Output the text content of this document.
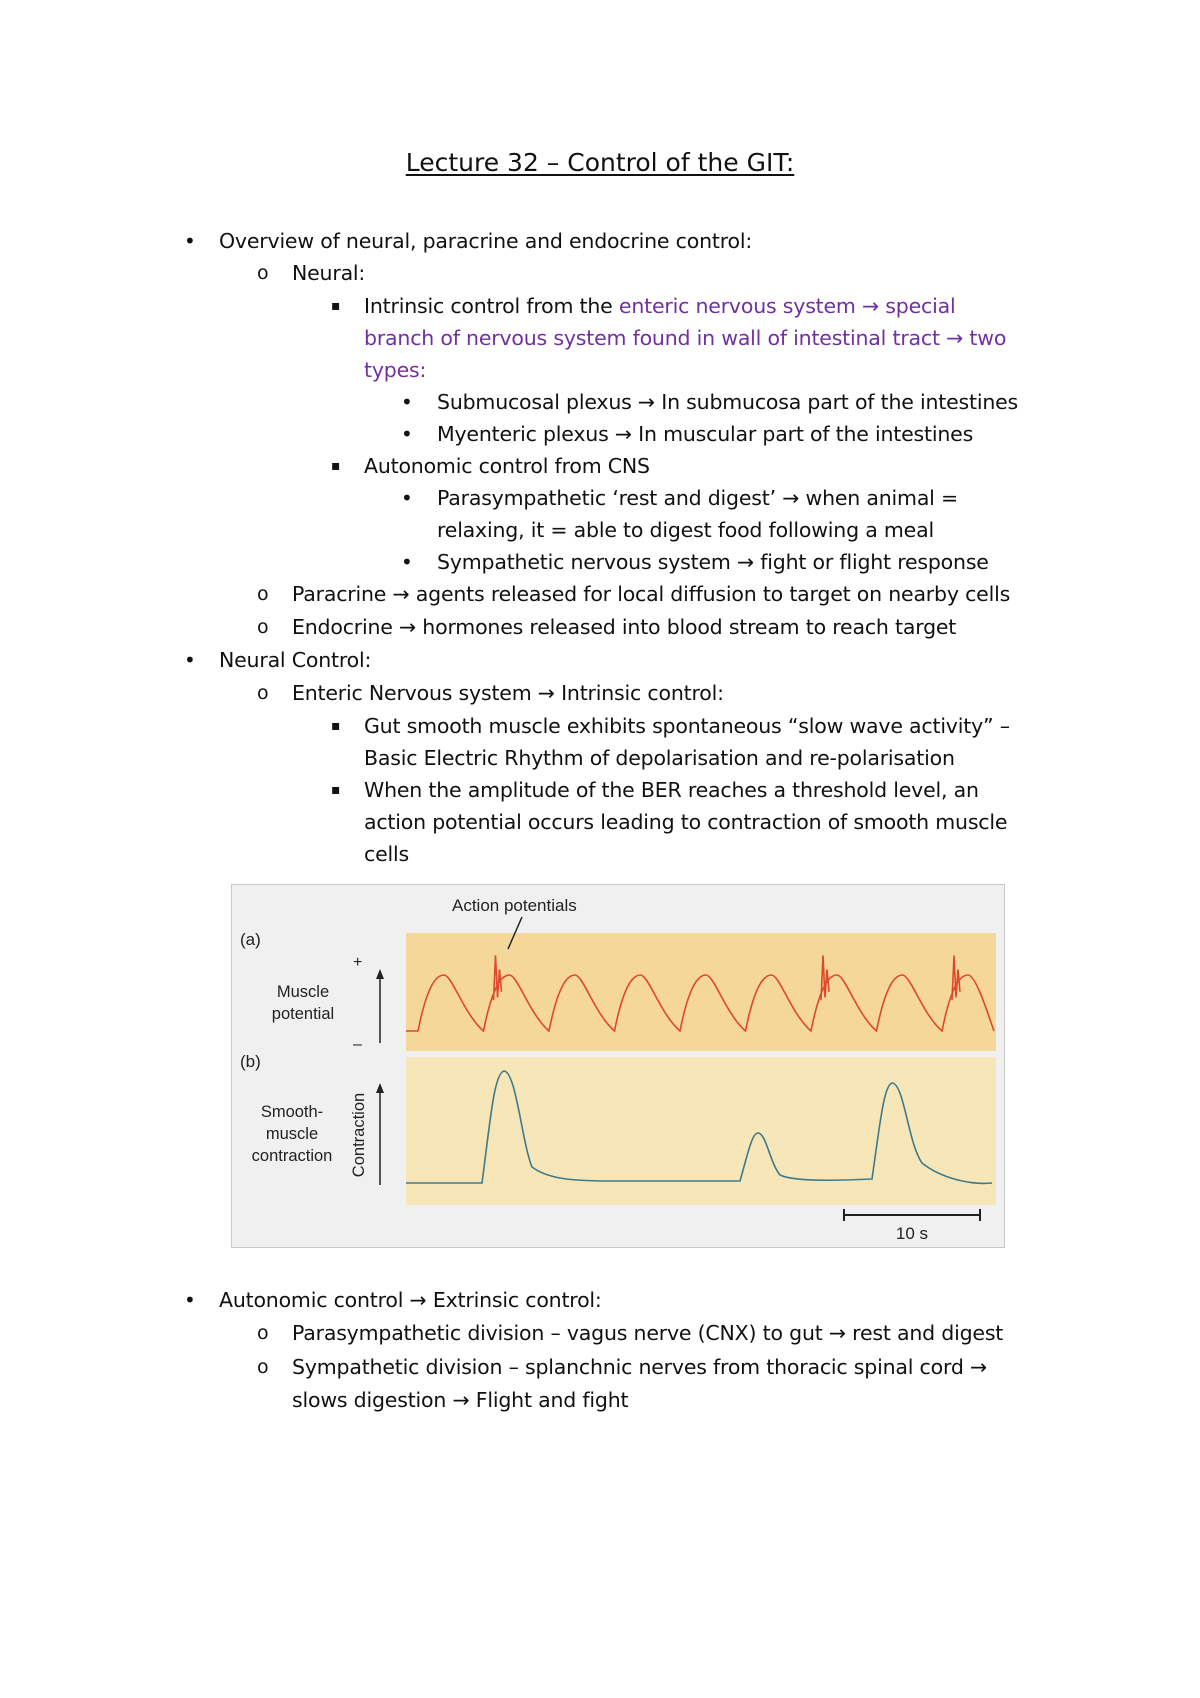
Lecture 32 – Control of the GIT:
• Overview of neural, paracrine and endocrine control:
o Neural:
▪ Intrinsic control from the enteric nervous system → special
branch of nervous system found in wall of intestinal tract → two
types:
• Submucosal plexus → In submucosa part of the intestines
• Myenteric plexus → In muscular part of the intestines
▪ Autonomic control from CNS
• Parasympathetic ‘rest and digest’ → when animal =
relaxing, it = able to digest food following a meal
• Sympathetic nervous system → fight or flight response
o Paracrine → agents released for local diffusion to target on nearby cells
o Endocrine → hormones released into blood stream to reach target
• Neural Control:
o Enteric Nervous system → Intrinsic control:
▪ Gut smooth muscle exhibits spontaneous “slow wave activity” –
Basic Electric Rhythm of depolarisation and re-polarisation
▪ When the amplitude of the BER reaches a threshold level, an
action potential occurs leading to contraction of smooth muscle
cells
• Autonomic control → Extrinsic control:
o Parasympathetic division – vagus nerve (CNX) to gut → rest and digest
o Sympathetic division – splanchnic nerves from thoracic spinal cord →
slows digestion → Flight and fight
Action potentials
(a)
+
–
Muscle
potential
(b)
Smooth-
muscle
contraction Contraction
10 s
